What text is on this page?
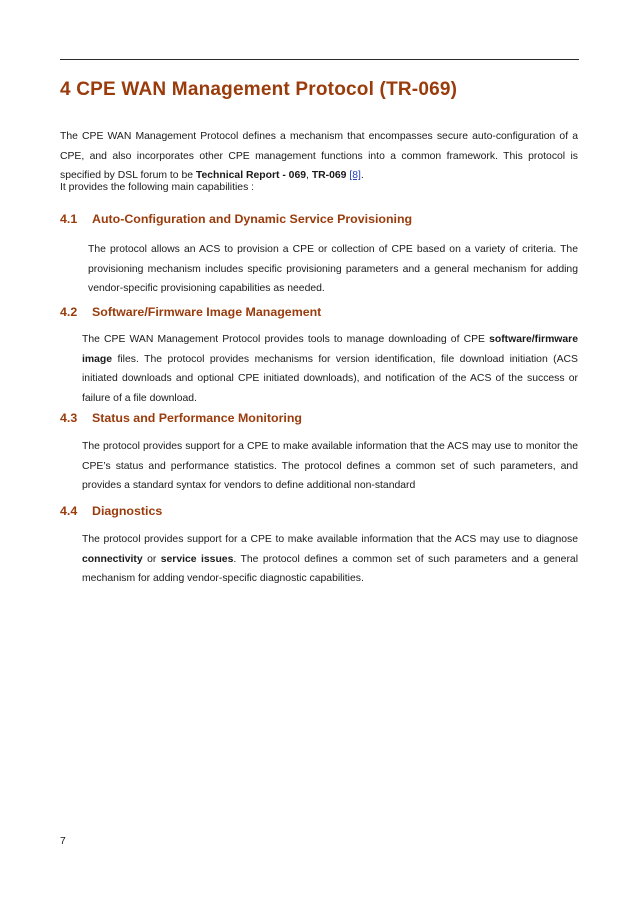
4 CPE WAN Management Protocol (TR-069)

The CPE WAN Management Protocol defines a mechanism that encompasses secure auto-configuration of a CPE, and also incorporates other CPE management functions into a common framework. This protocol is specified by DSL forum to be Technical Report - 069, TR-069 [8].

It provides the following main capabilities :

4.1 Auto-Configuration and Dynamic Service Provisioning

The protocol allows an ACS to provision a CPE or collection of CPE based on a variety of criteria. The provisioning mechanism includes specific provisioning parameters and a general mechanism for adding vendor-specific provisioning capabilities as needed.

4.2 Software/Firmware Image Management

The CPE WAN Management Protocol provides tools to manage downloading of CPE software/firmware image files. The protocol provides mechanisms for version identification, file download initiation (ACS initiated downloads and optional CPE initiated downloads), and notification of the ACS of the success or failure of a file download.

4.3 Status and Performance Monitoring

The protocol provides support for a CPE to make available information that the ACS may use to monitor the CPE’s status and performance statistics. The protocol defines a common set of such parameters, and provides a standard syntax for vendors to define additional non-standard

4.4 Diagnostics

The protocol provides support for a CPE to make available information that the ACS may use to diagnose connectivity or service issues. The protocol defines a common set of such parameters and a general mechanism for adding vendor-specific diagnostic capabilities.

7
